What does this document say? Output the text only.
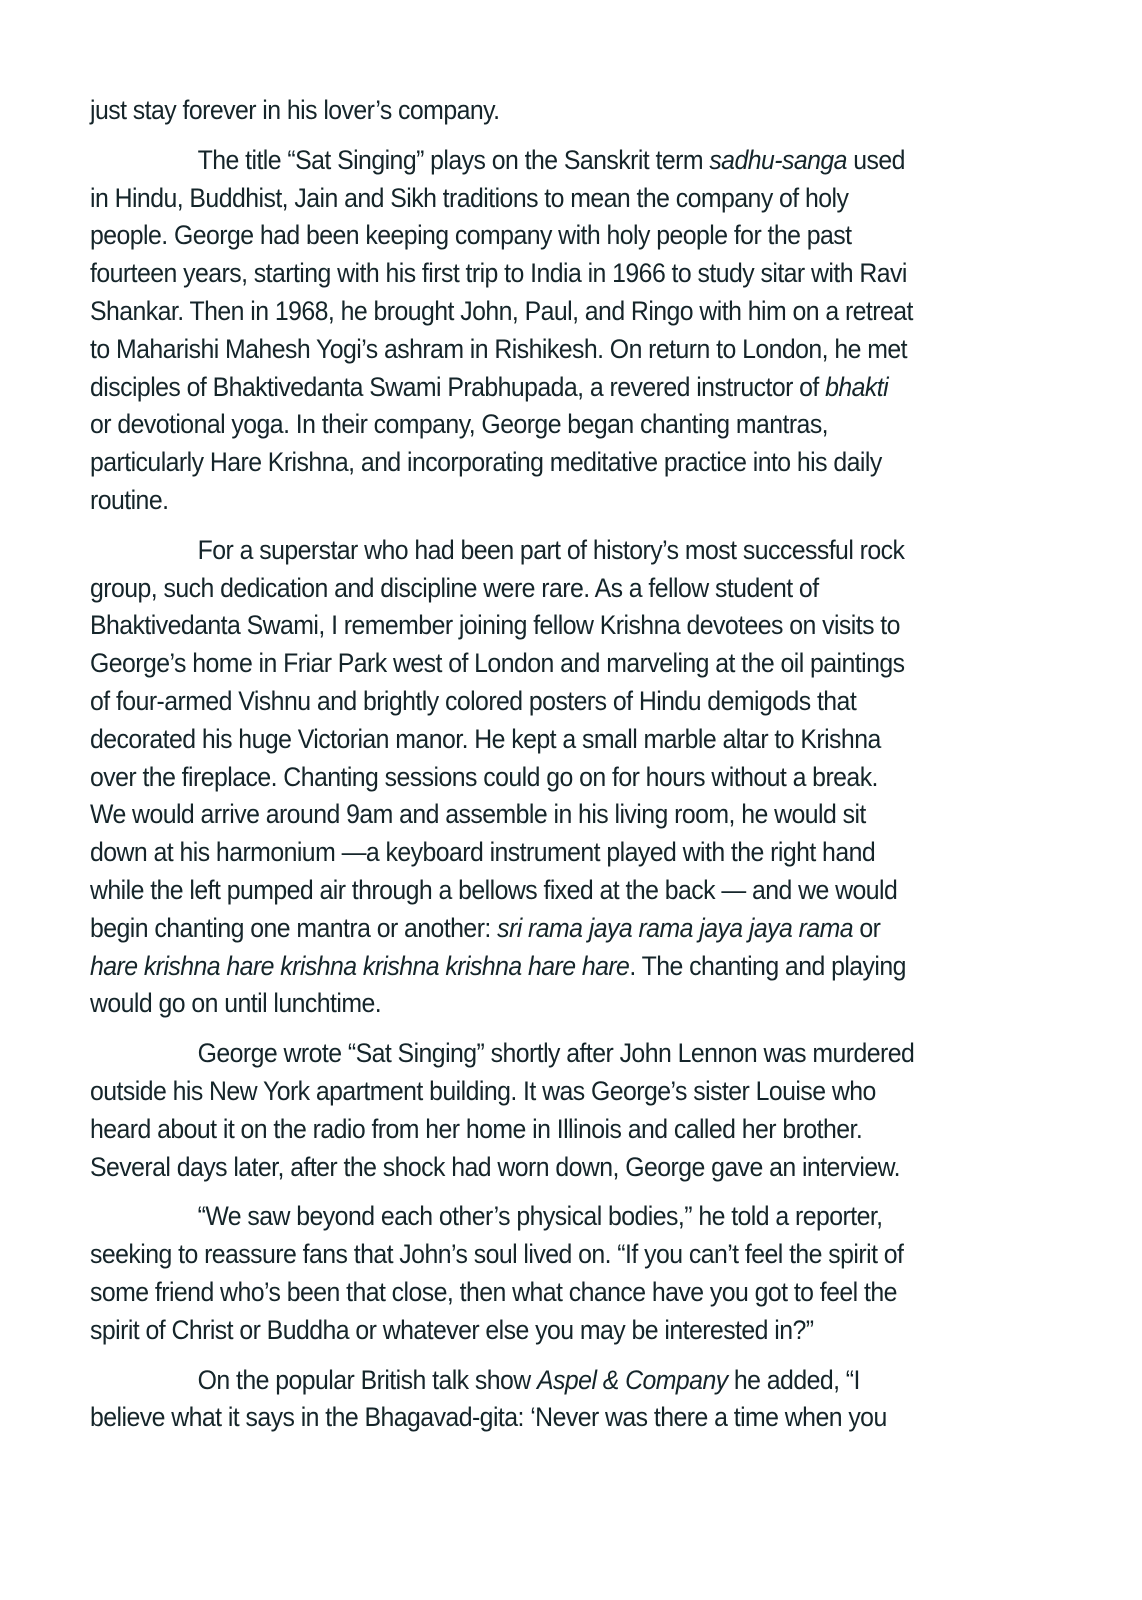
just stay forever in his lover’s company.
The title “Sat Singing” plays on the Sanskrit term sadhu-sanga used
in Hindu, Buddhist, Jain and Sikh traditions to mean the company of holy
people. George had been keeping company with holy people for the past
fourteen years, starting with his first trip to India in 1966 to study sitar with Ravi
Shankar. Then in 1968, he brought John, Paul, and Ringo with him on a retreat
to Maharishi Mahesh Yogi’s ashram in Rishikesh. On return to London, he met
disciples of Bhaktivedanta Swami Prabhupada, a revered instructor of bhakti
or devotional yoga. In their company, George began chanting mantras,
particularly Hare Krishna, and incorporating meditative practice into his daily
routine.
For a superstar who had been part of history’s most successful rock
group, such dedication and discipline were rare. As a fellow student of
Bhaktivedanta Swami, I remember joining fellow Krishna devotees on visits to
George’s home in Friar Park west of London and marveling at the oil paintings
of four-armed Vishnu and brightly colored posters of Hindu demigods that
decorated his huge Victorian manor. He kept a small marble altar to Krishna
over the fireplace. Chanting sessions could go on for hours without a break.
We would arrive around 9am and assemble in his living room, he would sit
down at his harmonium —a keyboard instrument played with the right hand
while the left pumped air through a bellows fixed at the back — and we would
begin chanting one mantra or another: sri rama jaya rama jaya jaya rama or
hare krishna hare krishna krishna krishna hare hare. The chanting and playing
would go on until lunchtime.
George wrote “Sat Singing” shortly after John Lennon was murdered
outside his New York apartment building. It was George’s sister Louise who
heard about it on the radio from her home in Illinois and called her brother.
Several days later, after the shock had worn down, George gave an interview.
“We saw beyond each other’s physical bodies,” he told a reporter,
seeking to reassure fans that John’s soul lived on. “If you can’t feel the spirit of
some friend who’s been that close, then what chance have you got to feel the
spirit of Christ or Buddha or whatever else you may be interested in?”
On the popular British talk show Aspel & Company he added, “I
believe what it says in the Bhagavad-gita: ‘Never was there a time when you
